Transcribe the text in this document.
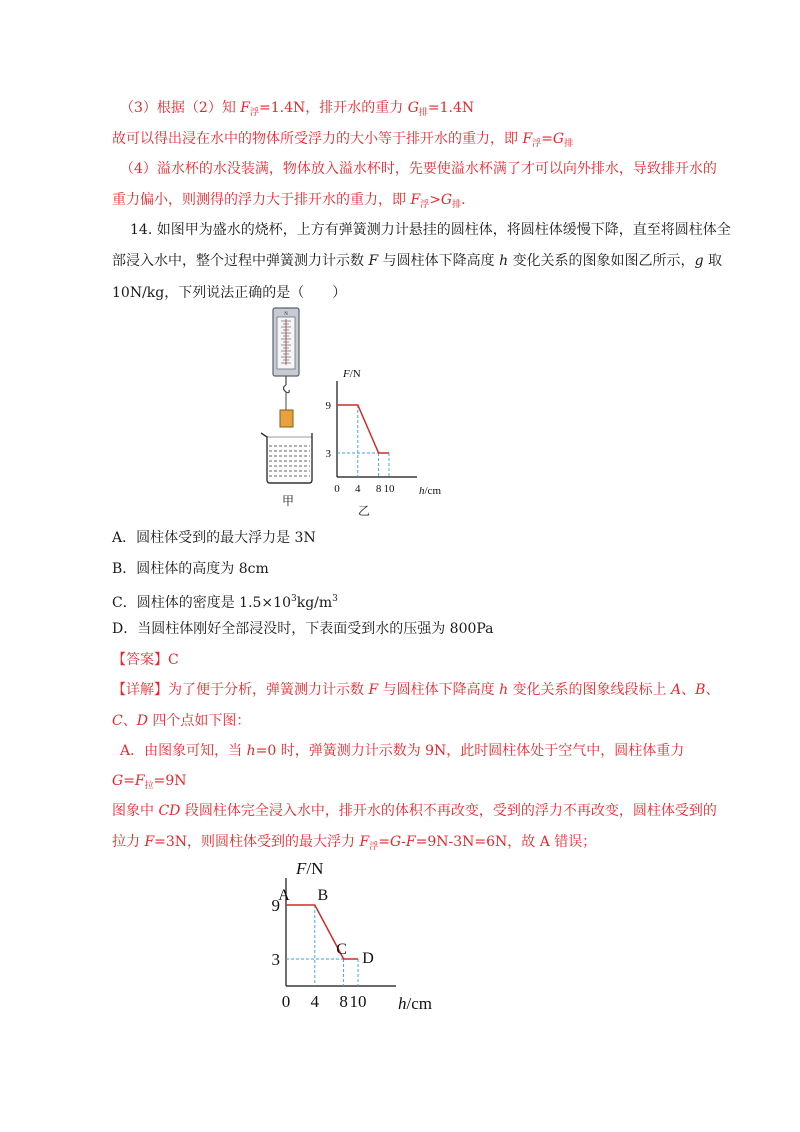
（3）根据（2）知 $F_浮=1.4N$，排开水的重力 $G_排=1.4N$
故可以得出浸在水中的物体所受浮力的大小等于排开水的重力，即 $F_浮=G_排$
（4）溢水杯的水没装满，物体放入溢水杯时，先要使溢水杯满了才可以向外排水，导致排开水的
重力偏小，则测得的浮力大于排开水的重力，即 $F_浮>G_排$.
14. 如图甲为盛水的烧杯，上方有弹簧测力计悬挂的圆柱体，将圆柱体缓慢下降，直至将圆柱体全
部浸入水中，整个过程中弹簧测力计示数 F 与圆柱体下降高度 h 变化关系的图象如图乙所示，g 取
10N/kg，下列说法正确的是（　　）
N
甲
F/N
h/cm
0 4 8 10
9
3
乙
A．圆柱体受到的最大浮力是 3N
B．圆柱体的高度为 8cm
C．圆柱体的密度是 $1.5\times 10^3kg/m^3$
D．当圆柱体刚好全部浸没时，下表面受到水的压强为 800Pa
【答案】C
【详解】为了便于分析，弹簧测力计示数 F 与圆柱体下降高度 h 变化关系的图象线段标上 A、B、
C、D 四个点如下图：
A．由图象可知，当 h=0 时，弹簧测力计示数为 9N，此时圆柱体处于空气中，圆柱体重力
$G=F_拉=9N$
图象中 CD 段圆柱体完全浸入水中，排开水的体积不再改变，受到的浮力不再改变，圆柱体受到的
拉力 F=3N，则圆柱体受到的最大浮力 $F_浮=G-F=9N-3N=6N$，故 A 错误；
F/N
h/cm
0 4 8 10
9
3
A B
C
D
